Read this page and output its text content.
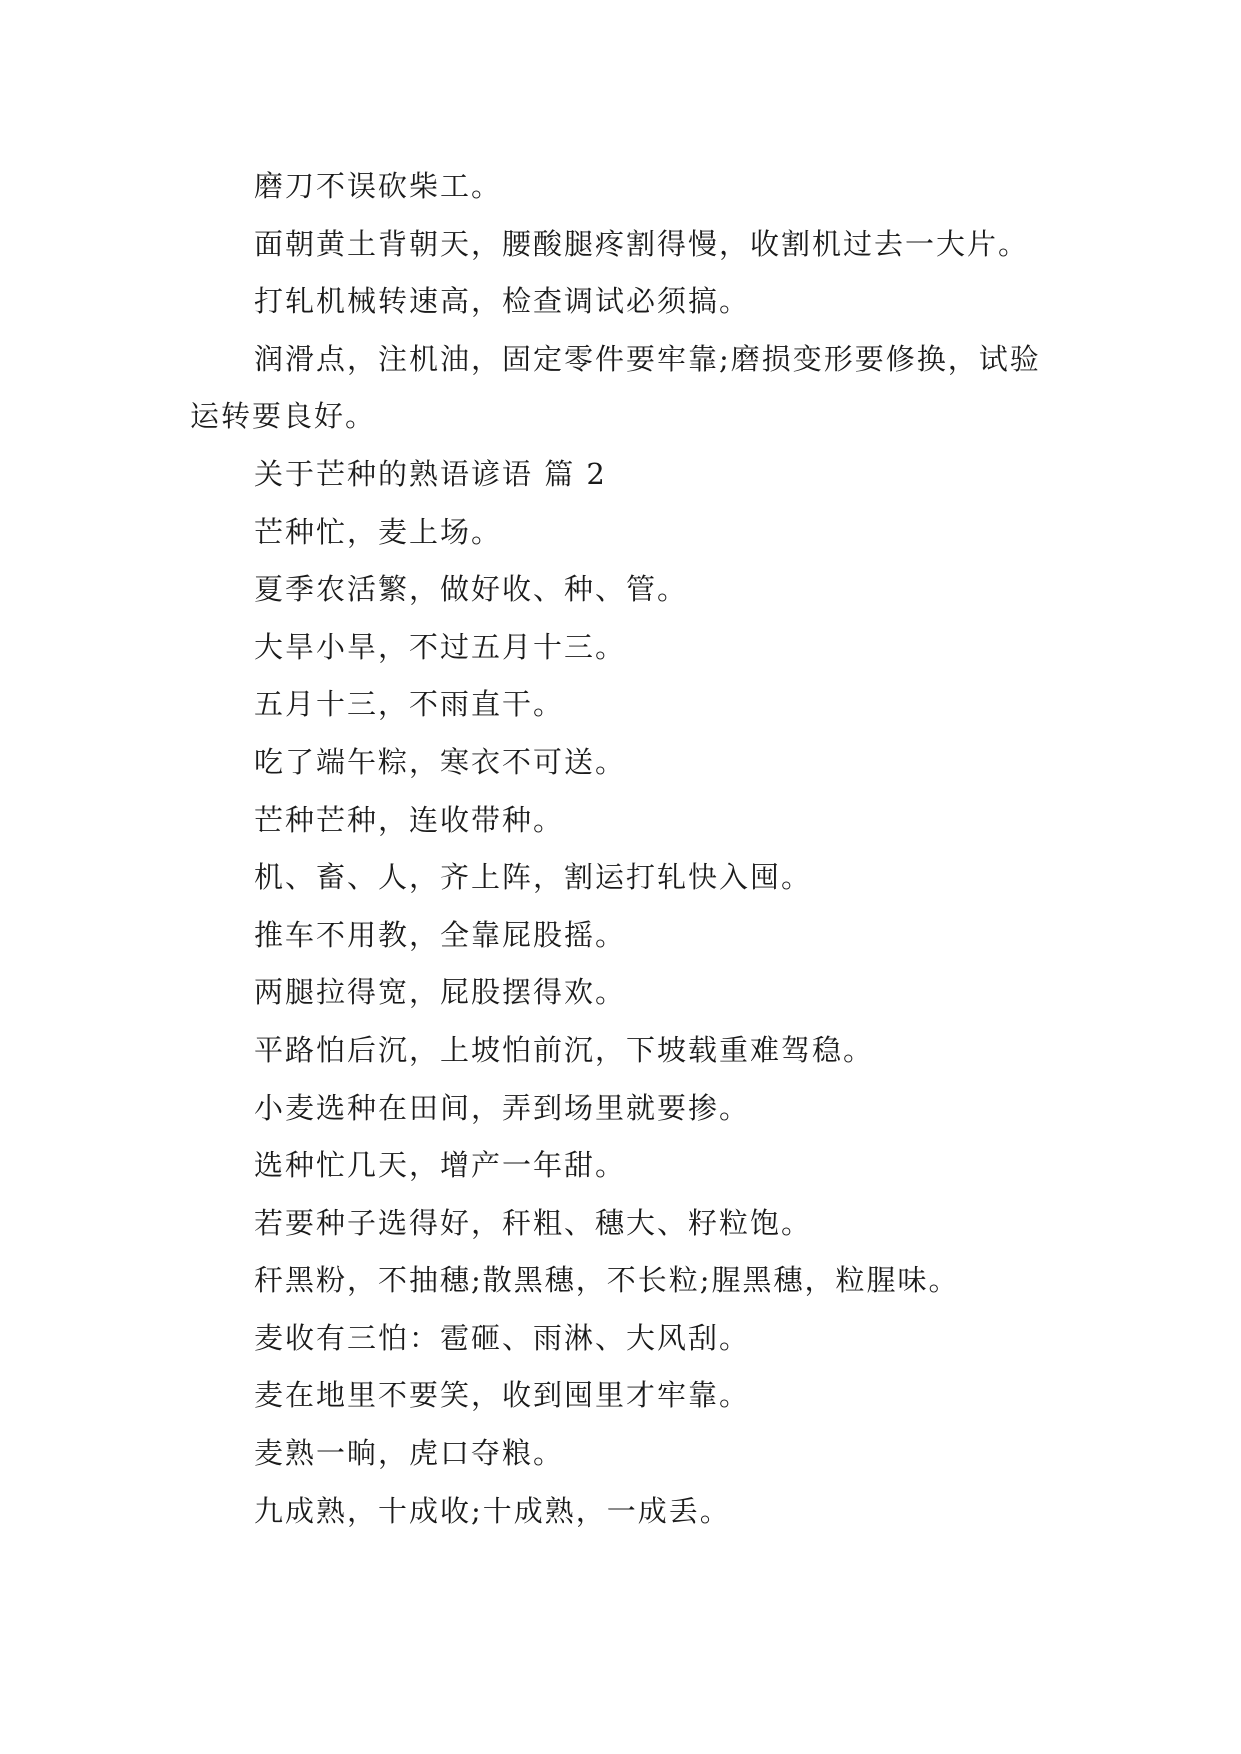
磨刀不误砍柴工。

面朝黄土背朝天，腰酸腿疼割得慢，收割机过去一大片。

打轧机械转速高，检查调试必须搞。

润滑点，注机油，固定零件要牢靠;磨损变形要修换，试验运转要良好。

关于芒种的熟语谚语 篇 2

芒种忙，麦上场。

夏季农活繁，做好收、种、管。

大旱小旱，不过五月十三。

五月十三，不雨直干。

吃了端午粽，寒衣不可送。

芒种芒种，连收带种。

机、畜、人，齐上阵，割运打轧快入囤。

推车不用教，全靠屁股摇。

两腿拉得宽，屁股摆得欢。

平路怕后沉，上坡怕前沉，下坡载重难驾稳。

小麦选种在田间，弄到场里就要掺。

选种忙几天，增产一年甜。

若要种子选得好，秆粗、穗大、籽粒饱。

秆黑粉，不抽穗;散黑穗，不长粒;腥黑穗，粒腥味。

麦收有三怕：雹砸、雨淋、大风刮。

麦在地里不要笑，收到囤里才牢靠。

麦熟一晌，虎口夺粮。

九成熟，十成收;十成熟，一成丢。
